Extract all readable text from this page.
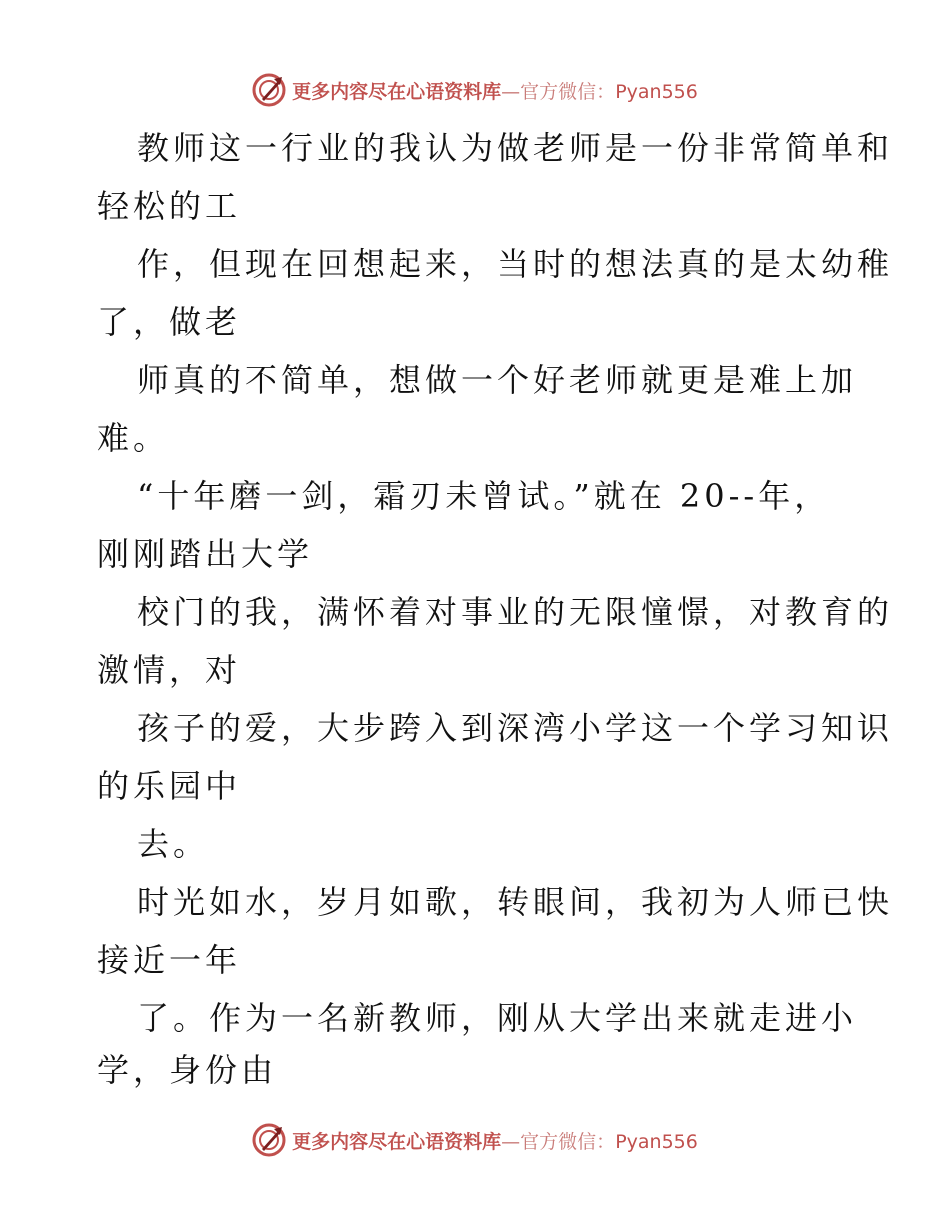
更多内容尽在心语资料库—官方微信：Pyan556
教师这一行业的我认为做老师是一份非常简单和
轻松的工
作，但现在回想起来，当时的想法真的是太幼稚
了，做老
师真的不简单，想做一个好老师就更是难上加
难。
“十年磨一剑，霜刃未曾试。”就在 20--年，
刚刚踏出大学
校门的我，满怀着对事业的无限憧憬，对教育的
激情，对
孩子的爱，大步跨入到深湾小学这一个学习知识
的乐园中
去。
时光如水，岁月如歌，转眼间，我初为人师已快
接近一年
了。作为一名新教师，刚从大学出来就走进小
学，身份由
更多内容尽在心语资料库—官方微信：Pyan556
